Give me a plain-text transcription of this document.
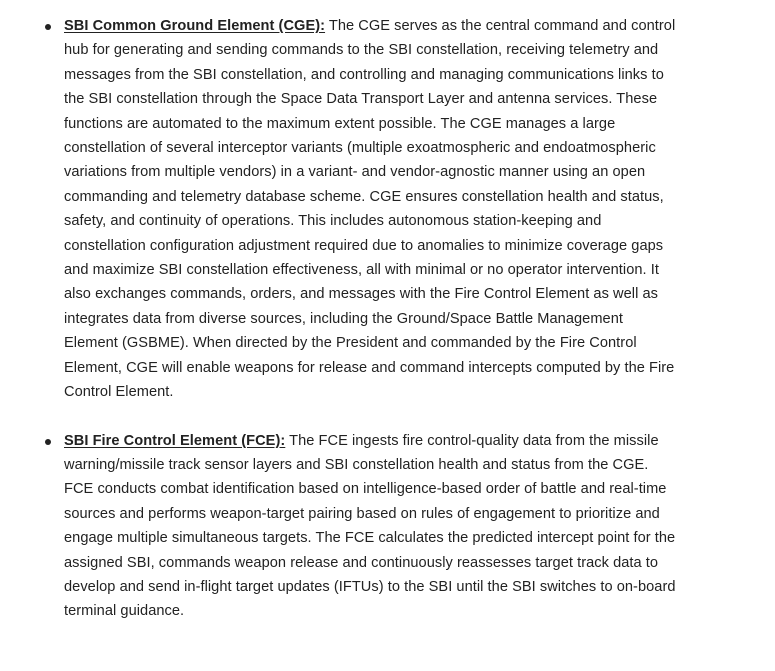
SBI Common Ground Element (CGE): The CGE serves as the central command and control hub for generating and sending commands to the SBI constellation, receiving telemetry and messages from the SBI constellation, and controlling and managing communications links to the SBI constellation through the Space Data Transport Layer and antenna services. These functions are automated to the maximum extent possible. The CGE manages a large constellation of several interceptor variants (multiple exoatmospheric and endoatmospheric variations from multiple vendors) in a variant- and vendor-agnostic manner using an open commanding and telemetry database scheme. CGE ensures constellation health and status, safety, and continuity of operations. This includes autonomous station-keeping and constellation configuration adjustment required due to anomalies to minimize coverage gaps and maximize SBI constellation effectiveness, all with minimal or no operator intervention. It also exchanges commands, orders, and messages with the Fire Control Element as well as integrates data from diverse sources, including the Ground/Space Battle Management Element (GSBME). When directed by the President and commanded by the Fire Control Element, CGE will enable weapons for release and command intercepts computed by the Fire Control Element.
SBI Fire Control Element (FCE): The FCE ingests fire control-quality data from the missile warning/missile track sensor layers and SBI constellation health and status from the CGE. FCE conducts combat identification based on intelligence-based order of battle and real-time sources and performs weapon-target pairing based on rules of engagement to prioritize and engage multiple simultaneous targets. The FCE calculates the predicted intercept point for the assigned SBI, commands weapon release and continuously reassesses target track data to develop and send in-flight target updates (IFTUs) to the SBI until the SBI switches to on-board terminal guidance.
